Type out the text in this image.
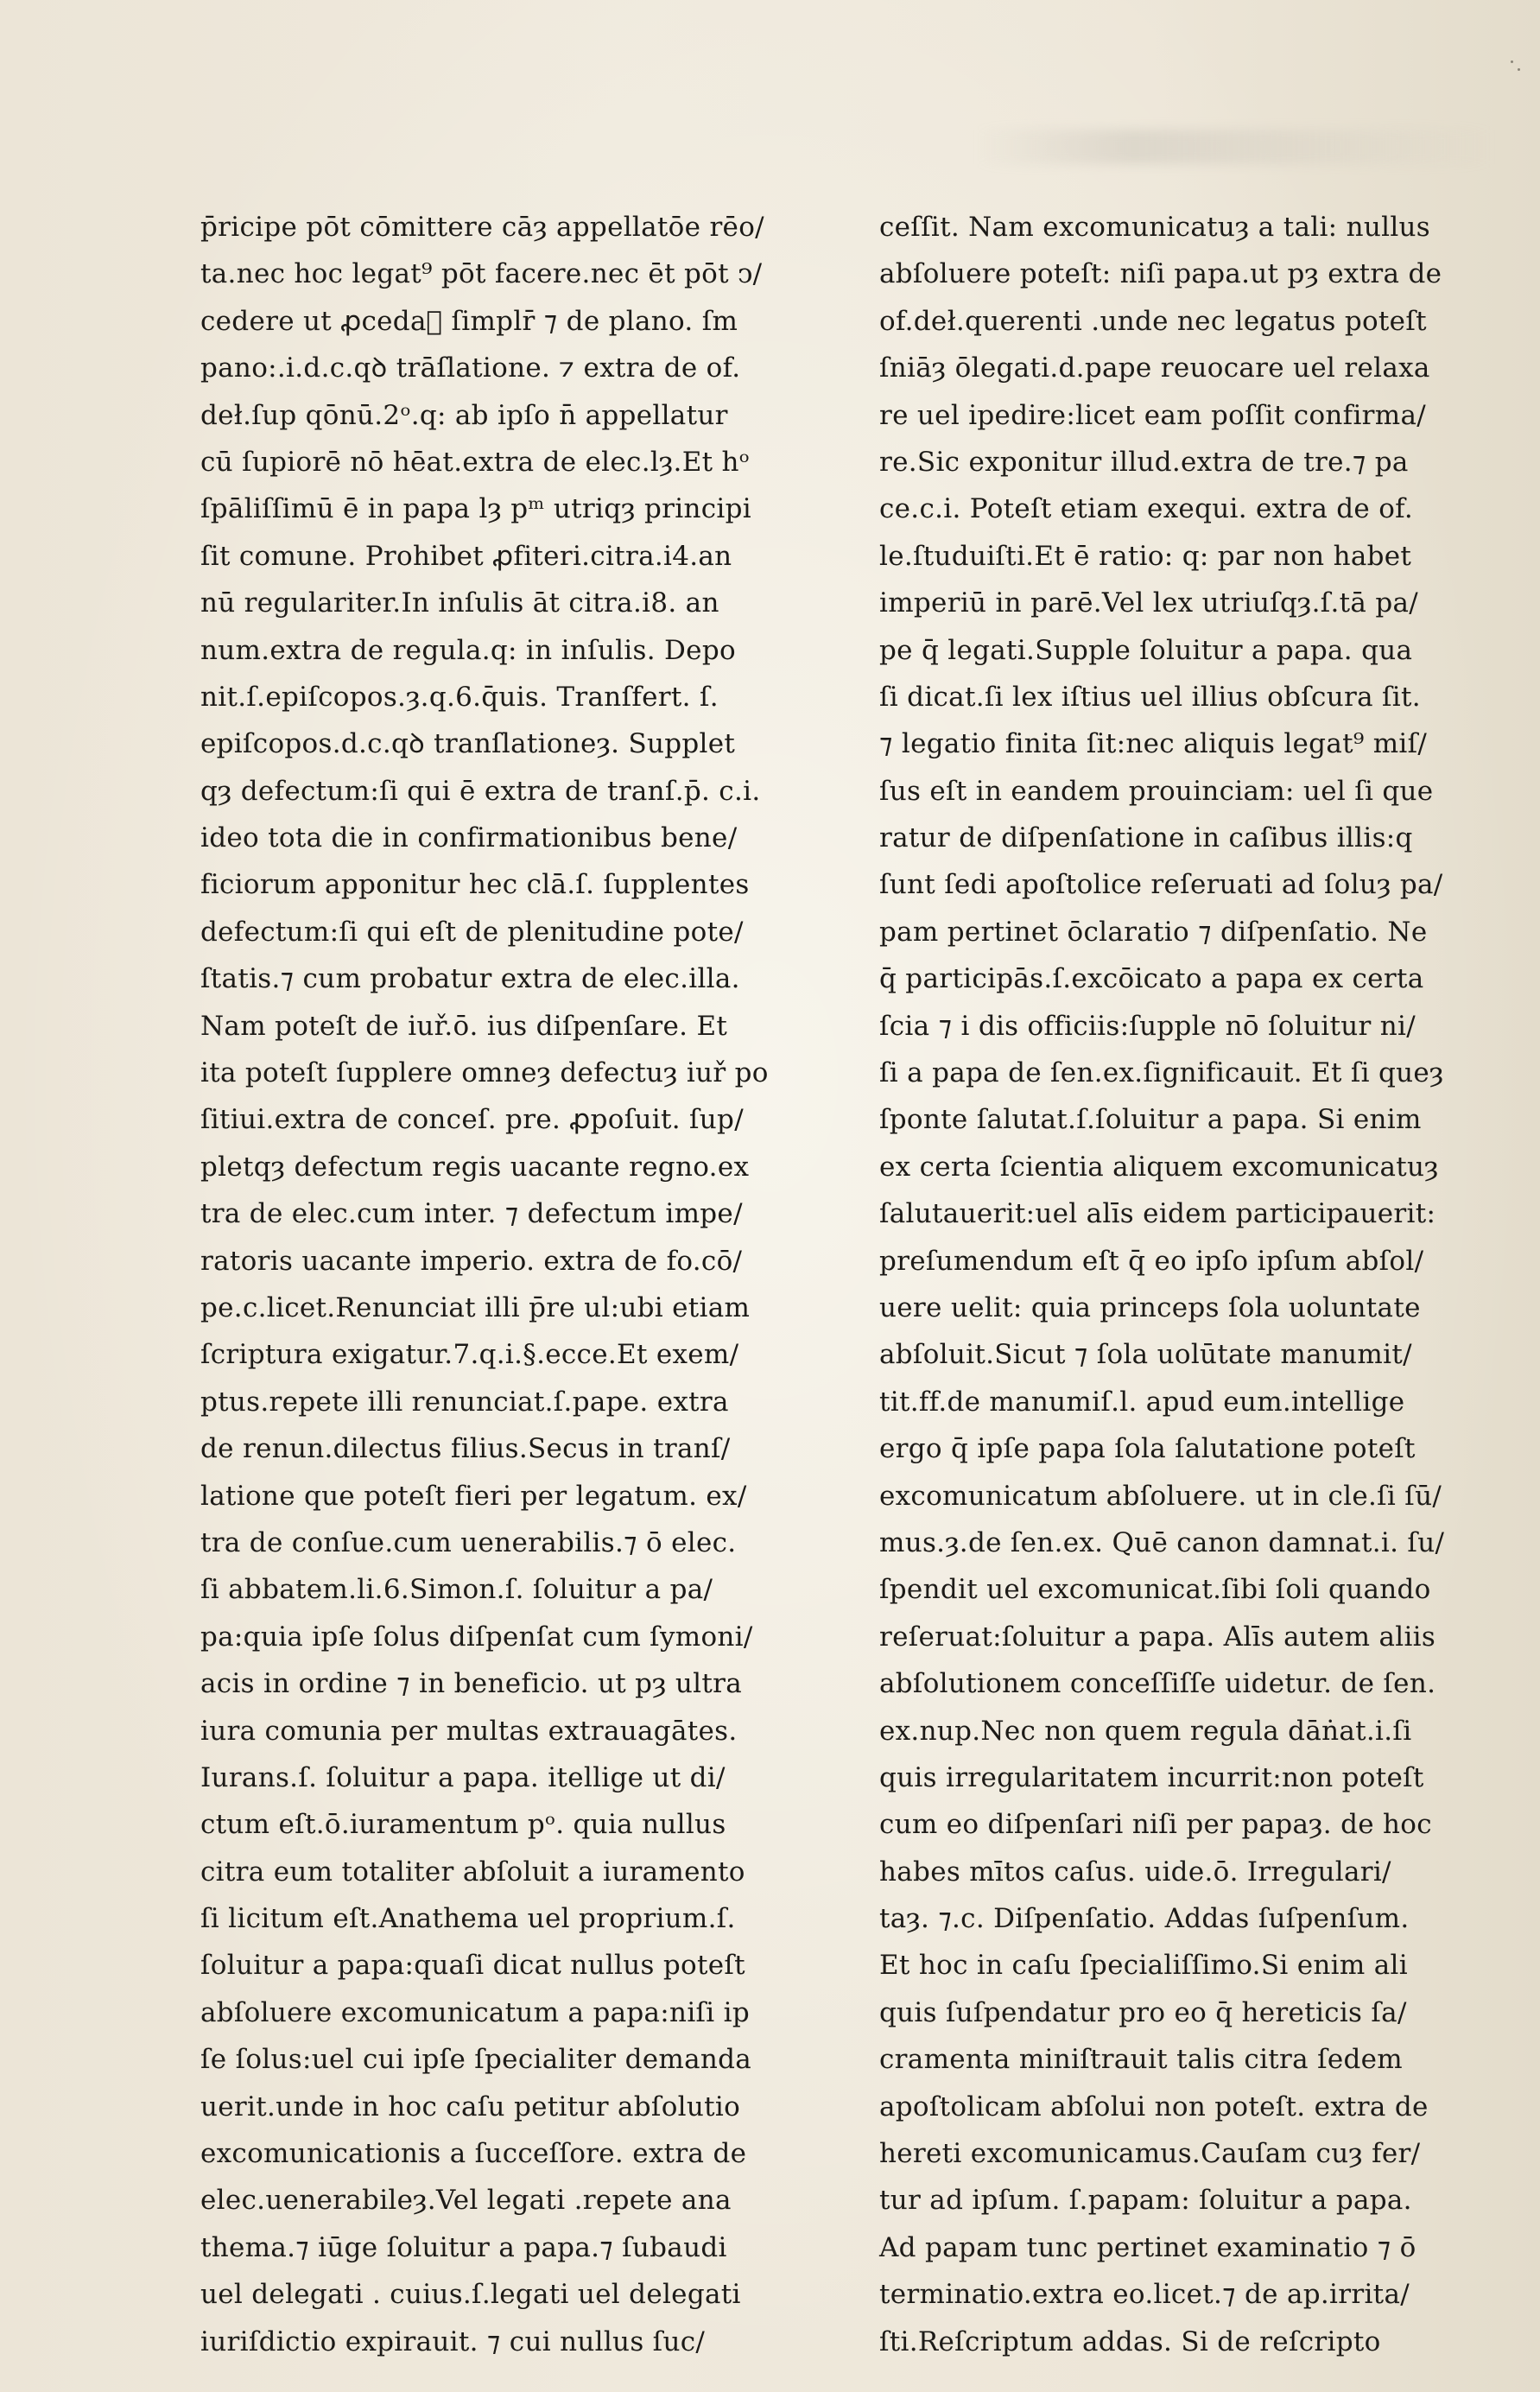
p̄ricipe pōt cōmittere cāȝ appellatōe rēo/
ta.nec hoc legat⁹ pōt facere.nec ēt pōt ͻ/
cedere ut ꝓcedaᷓ ſimplr̄ ⁊ de plano. ſm
pano:.i.d.c.qꝺ trāſlatione. ⁊ extra de of.
deł.ſup qōnū.2ᵒ.q: ab ipſo n̄ appellatur
cū ſupiorē nō hēat.extra de elec.lȝ.Et hᵒ
ſpāliſſimū ē in papa lȝ pᵐ utriqȝ principi
ſit comune. Prohibet ꝓfiteri.citra.i4.an
nū regulariter.In inſulis āt citra.i8. an
num.extra de regula.q: in inſulis. Depo
nit.ſ.epiſcopos.ȝ.q.6.q̄uis. Tranſfert. ſ.
epiſcopos.d.c.qꝺ tranſlationeȝ. Supplet
qȝ defectum:ſi qui ē extra de tranſ.p̄. c.i.
ideo tota die in confirmationibus bene/
ficiorum apponitur hec clā.ſ. ſupplentes
defectum:ſi qui eſt de plenitudine pote/
ſtatis.⁊ cum probatur extra de elec.illa.
Nam poteſt de iuř.ō. ius diſpenſare. Et
ita poteſt ſupplere omneȝ defectuȝ iuř po
ſitiui.extra de conceſ. pre. ꝓpoſuit. ſup/
pletqȝ defectum regis uacante regno.ex
tra de elec.cum inter. ⁊ defectum impe/
ratoris uacante imperio. extra de fo.cō/
pe.c.licet.Renunciat illi p̄re ul:ubi etiam
ſcriptura exigatur.7.q.i.§.ecce.Et exem/
ptus.repete illi renunciat.ſ.pape. extra
de renun.dilectus filius.Secus in tranſ/
latione que poteſt fieri per legatum. ex/
tra de conſue.cum uenerabilis.⁊ ō elec.
ſi abbatem.li.6.Simon.ſ. ſoluitur a pa/
pa:quia ipſe ſolus diſpenſat cum ſymoni/
acis in ordine ⁊ in beneficio. ut pȝ ultra
iura comunia per multas extrauagātes.
Iurans.ſ. ſoluitur a papa. itellige ut di/
ctum eſt.ō.iuramentum pᵒ. quia nullus
citra eum totaliter abſoluit a iuramento
ſi licitum eſt.Anathema uel proprium.ſ.
ſoluitur a papa:quaſi dicat nullus poteſt
abſoluere excomunicatum a papa:niſi ip
ſe ſolus:uel cui ipſe ſpecialiter demanda
uerit.unde in hoc caſu petitur abſolutio
excomunicationis a ſucceſſore. extra de
elec.uenerabileȝ.Vel legati .repete ana
thema.⁊ iūge ſoluitur a papa.⁊ ſubaudi
uel delegati . cuius.ſ.legati uel delegati
iuriſdictio expirauit. ⁊ cui nullus ſuc/
ceſſit. Nam excomunicatuȝ a tali: nullus
abſoluere poteſt: niſi papa.ut pȝ extra de
of.deł.querenti .unde nec legatus poteſt
ſniāȝ ōlegati.d.pape reuocare uel relaxa
re uel ipedire:licet eam poſſit confirma/
re.Sic exponitur illud.extra de tre.⁊ pa
ce.c.i. Poteſt etiam exequi. extra de of.
le.ſtuduiſti.Et ē ratio: q: par non habet
imperiū in parē.Vel lex utriuſqȝ.ſ.tā pa/
pe q̄ legati.Supple ſoluitur a papa. qua
ſi dicat.ſi lex iſtius uel illius obſcura ſit.
⁊ legatio finita ſit:nec aliquis legat⁹ miſ/
ſus eſt in eandem prouinciam: uel ſi que
ratur de diſpenſatione in caſibus illis:q
ſunt ſedi apoſtolice reſeruati ad ſoluȝ pa/
pam pertinet ōclaratio ⁊ diſpenſatio. Ne
q̄ participās.ſ.excōicato a papa ex certa
ſcia ⁊ i dis officiis:ſupple nō ſoluitur ni/
ſi a papa de ſen.ex.ſignificauit. Et ſi queȝ
ſponte ſalutat.ſ.ſoluitur a papa. Si enim
ex certa ſcientia aliquem excomunicatuȝ
ſalutauerit:uel alīs eidem participauerit:
preſumendum eſt q̄ eo ipſo ipſum abſol/
uere uelit: quia princeps ſola uoluntate
abſoluit.Sicut ⁊ ſola uolūtate manumit/
tit.ff.de manumiſ.l. apud eum.intellige
ergo q̄ ipſe papa ſola ſalutatione poteſt
excomunicatum abſoluere. ut in cle.ſi ſū/
mus.ȝ.de ſen.ex. Quē canon damnat.i. ſu/
ſpendit uel excomunicat.ſibi ſoli quando
reſeruat:ſoluitur a papa. Alīs autem aliis
abſolutionem conceſſiſſe uidetur. de ſen.
ex.nup.Nec non quem regula dāṅat.i.ſi
quis irregularitatem incurrit:non poteſt
cum eo diſpenſari niſi per papaȝ. de hoc
habes mītos caſus. uide.ō. Irregulari/
taȝ. ⁊.c. Diſpenſatio. Addas ſuſpenſum.
Et hoc in caſu ſpecialiſſimo.Si enim ali
quis ſuſpendatur pro eo q̄ hereticis ſa/
cramenta miniſtrauit talis citra ſedem
apoſtolicam abſolui non poteſt. extra de
hereti excomunicamus.Cauſam cuȝ fer/
tur ad ipſum. ſ.papam: ſoluitur a papa.
Ad papam tunc pertinet examinatio ⁊ ō
terminatio.extra eo.licet.⁊ de ap.irrita/
ſti.Reſcriptum addas. Si de reſcripto
